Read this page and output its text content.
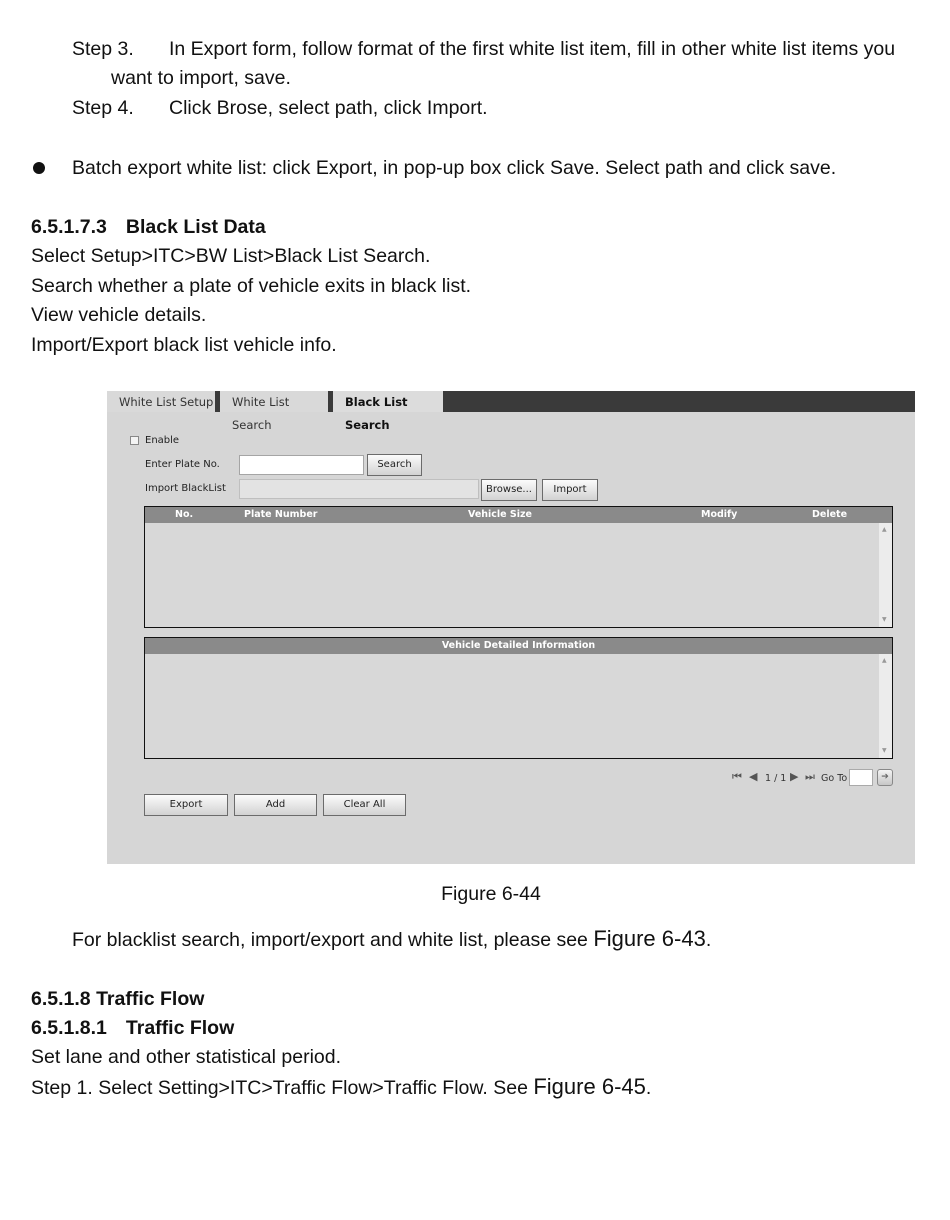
Step 3. In Export form, follow format of the first white list item, fill in other white list items you
want to import, save.
Step 4. Click Brose, select path, click Import.
Batch export white list: click Export, in pop-up box click Save. Select path and click save.
6.5.1.7.3 Black List Data
Select Setup>ITC>BW List>Black List Search.
Search whether a plate of vehicle exits in black list.
View vehicle details.
Import/Export black list vehicle info.
White List Setup	White List Search
Black List Search
Enable
Enter Plate No.	Search
Import BlackList	Browse...	Import
No.	Plate Number	Vehicle Size	Modify	Delete
▲
▼
Vehicle Detailed Information
▲
▼
⏮ ◀ 1 / 1 ▶ ⏭ Go To	➔
Export	Add	Clear All
Figure 6-44
For blacklist search, import/export and white list, please see Figure 6-43.
6.5.1.8 Traffic Flow
6.5.1.8.1 Traffic Flow
Set lane and other statistical period.
Step 1. Select Setting>ITC>Traffic Flow>Traffic Flow. See Figure 6-45.
